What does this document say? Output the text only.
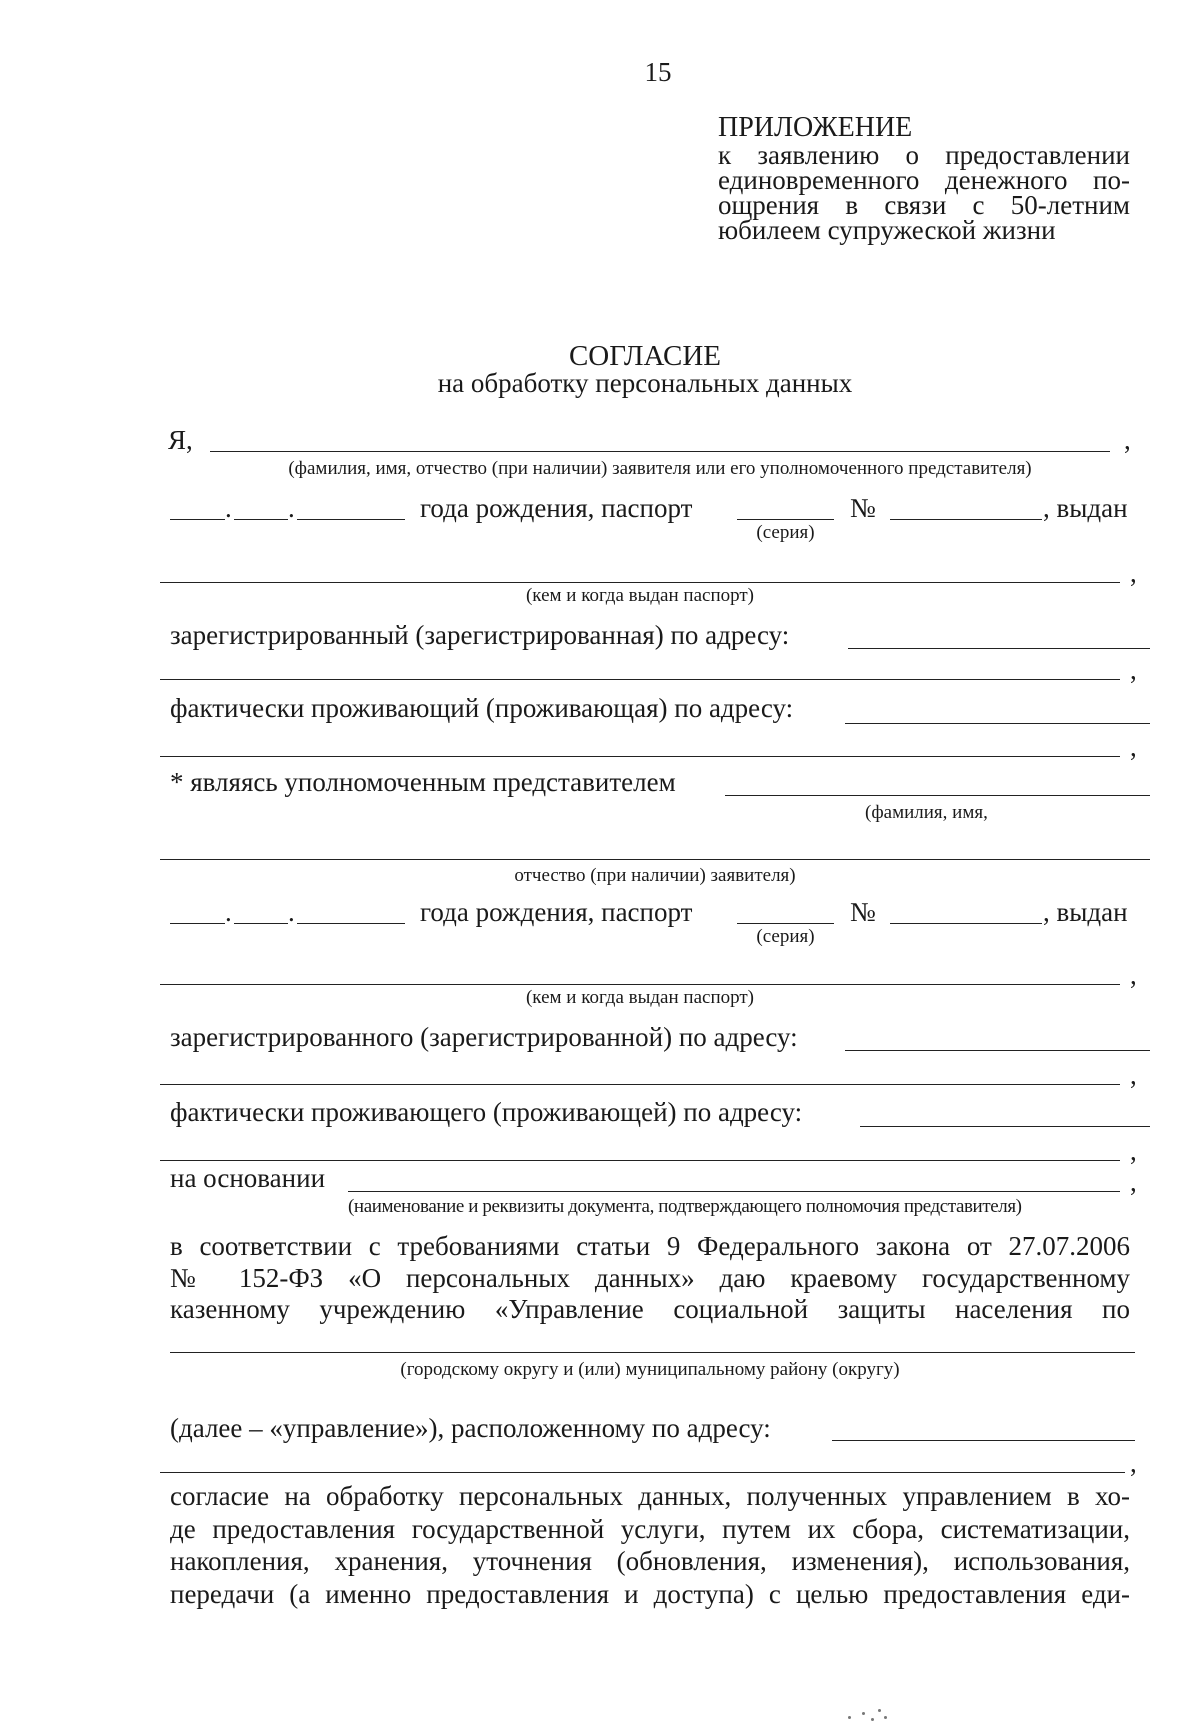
15
ПРИЛОЖЕНИЕ
к заявлению о предоставлении
единовременного денежного по-
ощрения в связи с 50-летним
юбилеем супружеской жизни
СОГЛАСИЕ
на обработку персональных данных
Я,	,
(фамилия, имя, отчество (при наличии) заявителя или его уполномоченного представителя)
. .	года рождения, паспорт	№	, выдан
(серия)
,
(кем и когда выдан паспорт)
зарегистрированный (зарегистрированная) по адресу:
,
фактически проживающий (проживающая) по адресу:
,
* являясь уполномоченным представителем
(фамилия, имя,
отчество (при наличии) заявителя)
. .	года рождения, паспорт	№	, выдан
(серия)
,
(кем и когда выдан паспорт)
зарегистрированного (зарегистрированной) по адресу:
,
фактически проживающего (проживающей) по адресу:
,
на основании	,
(наименование и реквизиты документа, подтверждающего полномочия представителя)
в соответствии с требованиями статьи 9 Федерального закона от 27.07.2006
№ 152-ФЗ «О персональных данных» даю краевому государственному
казенному учреждению «Управление социальной защиты населения по
(городскому округу и (или) муниципальному району (округу)
(далее – «управление»), расположенному по адресу:
,
согласие на обработку персональных данных, полученных управлением в хо-
де предоставления государственной услуги, путем их сбора, систематизации,
накопления, хранения, уточнения (обновления, изменения), использования,
передачи (а именно предоставления и доступа) с целью предоставления еди-
